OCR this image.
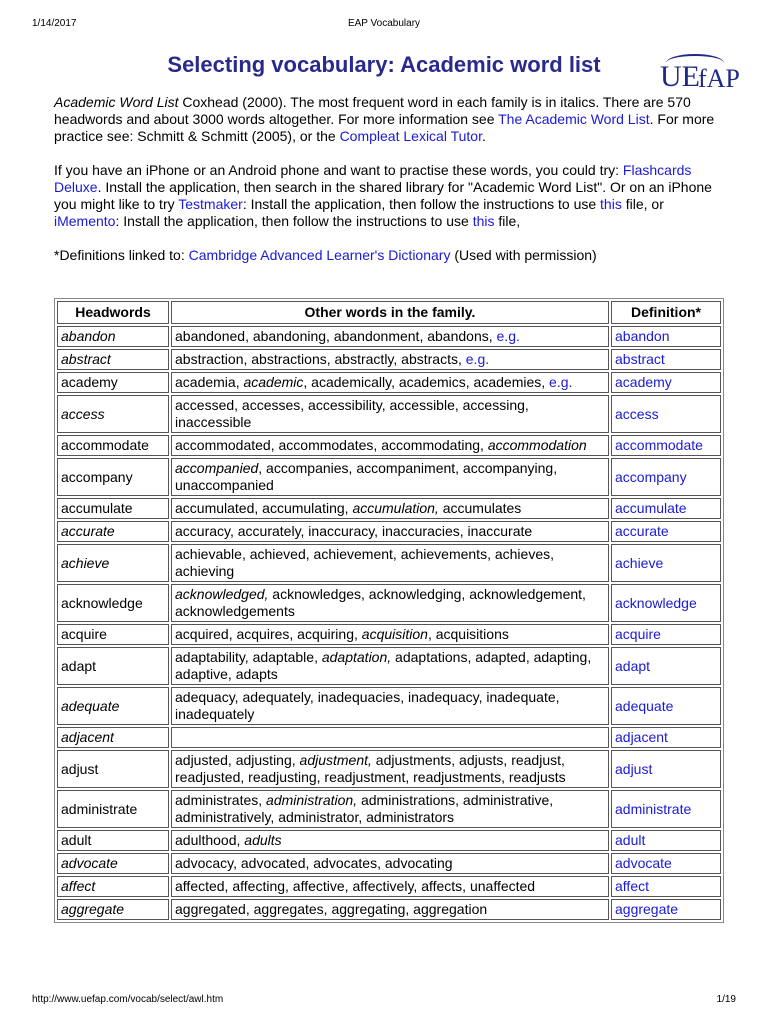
1/14/2017	EAP Vocabulary
UE
fAP
Selecting vocabulary: Academic word list

Academic Word List Coxhead (2000). The most frequent word in each family is in italics. There are 570 headwords and about 3000 words altogether. For more information see The Academic Word List. For more practice see: Schmitt & Schmitt (2005), or the Compleat Lexical Tutor.

If you have an iPhone or an Android phone and want to practise these words, you could try: Flashcards Deluxe. Install the application, then search in the shared library for "Academic Word List". Or on an iPhone you might like to try Testmaker: Install the application, then follow the instructions to use this file, or iMemento: Install the application, then follow the instructions to use this file,

*Definitions linked to: Cambridge Advanced Learner's Dictionary (Used with permission)

Headwords	Other words in the family.	Definition*
abandon	abandoned, abandoning, abandonment, abandons, e.g.	abandon
abstract	abstraction, abstractions, abstractly, abstracts, e.g.	abstract
academy	academia, academic, academically, academics, academies, e.g.	academy
access	accessed, accesses, accessibility, accessible, accessing, inaccessible	access
accommodate	accommodated, accommodates, accommodating, accommodation	accommodate
accompany	accompanied, accompanies, accompaniment, accompanying, unaccompanied	accompany
accumulate	accumulated, accumulating, accumulation, accumulates	accumulate
accurate	accuracy, accurately, inaccuracy, inaccuracies, inaccurate	accurate
achieve	achievable, achieved, achievement, achievements, achieves, achieving	achieve
acknowledge	acknowledged, acknowledges, acknowledging, acknowledgement, acknowledgements	acknowledge
acquire	acquired, acquires, acquiring, acquisition, acquisitions	acquire
adapt	adaptability, adaptable, adaptation, adaptations, adapted, adapting, adaptive, adapts	adapt
adequate	adequacy, adequately, inadequacies, inadequacy, inadequate, inadequately	adequate
adjacent		adjacent
adjust	adjusted, adjusting, adjustment, adjustments, adjusts, readjust, readjusted, readjusting, readjustment, readjustments, readjusts	adjust
administrate	administrates, administration, administrations, administrative, administratively, administrator, administrators	administrate
adult	adulthood, adults	adult
advocate	advocacy, advocated, advocates, advocating	advocate
affect	affected, affecting, affective, affectively, affects, unaffected	affect
aggregate	aggregated, aggregates, aggregating, aggregation	aggregate
http://www.uefap.com/vocab/select/awl.htm	1/19
